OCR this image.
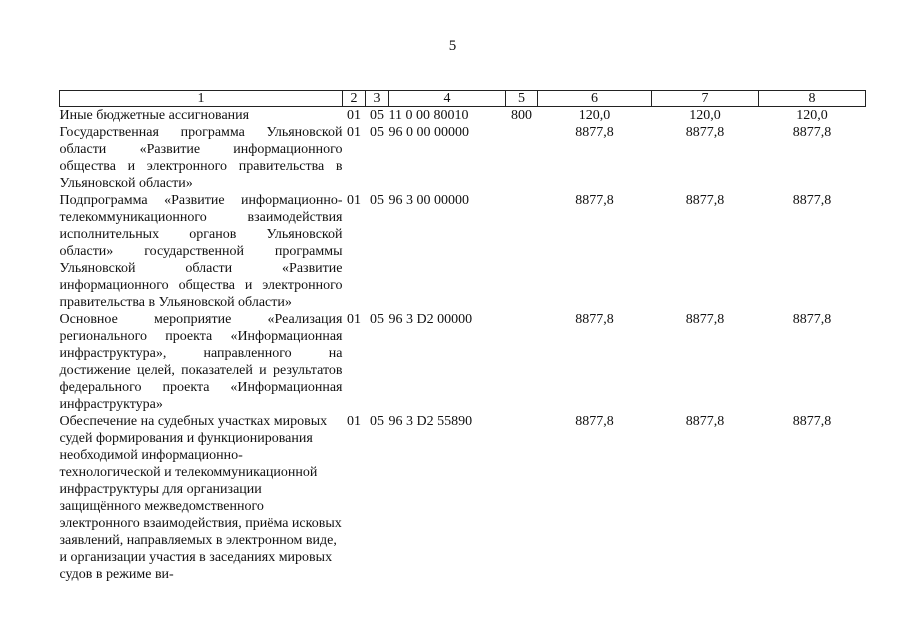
5
1	2	3	4	5	6	7	8
Иные бюджетные ассигнования	01	05	11 0 00 80010	800	120,0	120,0	120,0
Государственная программа Ульяновской области «Развитие информационного общества и электронного правительства в Ульяновской области»	01	05	96 0 00 00000		8877,8	8877,8	8877,8
Подпрограмма «Развитие информационно-телекоммуникационного взаимодействия исполнительных органов Ульяновской области» государственной программы Ульяновской области «Развитие информационного общества и электронного правительства в Ульяновской области»	01	05	96 3 00 00000		8877,8	8877,8	8877,8
Основное мероприятие «Реализация регионального проекта «Информационная инфраструктура», направленного на достижение целей, показателей и результатов федерального проекта «Информационная инфраструктура»	01	05	96 3 D2 00000		8877,8	8877,8	8877,8
Обеспечение на судебных участках мировых судей формирования и функционирования необходимой информационно-технологической и телекоммуникационной инфраструктуры для организации защищённого межведомственного электронного взаимодействия, приёма исковых заявлений, направляемых в электронном виде, и организации участия в заседаниях мировых судов в режиме ви-	01	05	96 3 D2 55890		8877,8	8877,8	8877,8
